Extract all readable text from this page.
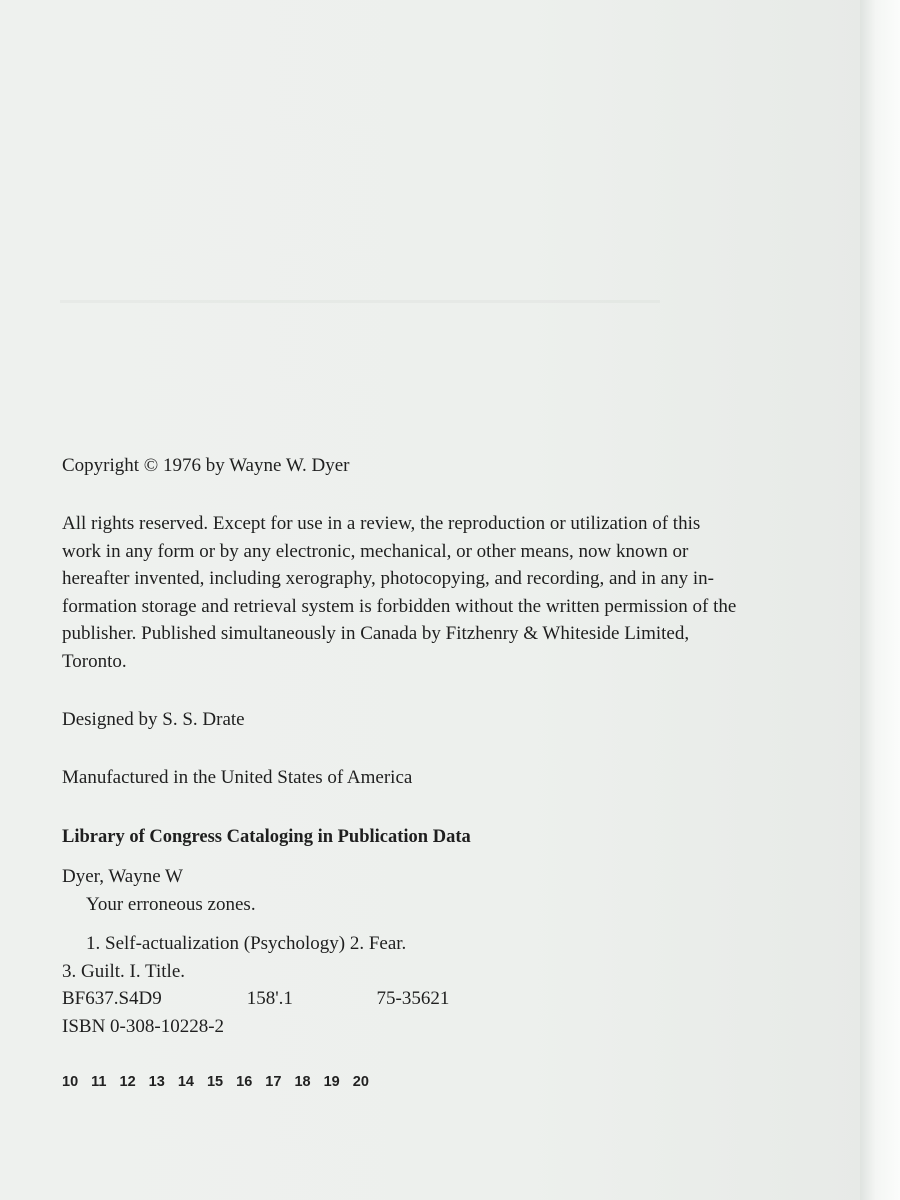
Copyright © 1976 by Wayne W. Dyer
All rights reserved. Except for use in a review, the reproduction or utilization of this
work in any form or by any electronic, mechanical, or other means, now known or
hereafter invented, including xerography, photocopying, and recording, and in any in-
formation storage and retrieval system is forbidden without the written permission of the
publisher. Published simultaneously in Canada by Fitzhenry & Whiteside Limited,
Toronto.
Designed by S. S. Drate
Manufactured in the United States of America
Library of Congress Cataloging in Publication Data
Dyer, Wayne W
Your erroneous zones.
1. Self-actualization (Psychology) 2. Fear.
3. Guilt. I. Title.
BF637.S4D9	158'.1	75-35621
ISBN 0-308-10228-2
10 11 12 13 14 15 16 17 18 19 20
